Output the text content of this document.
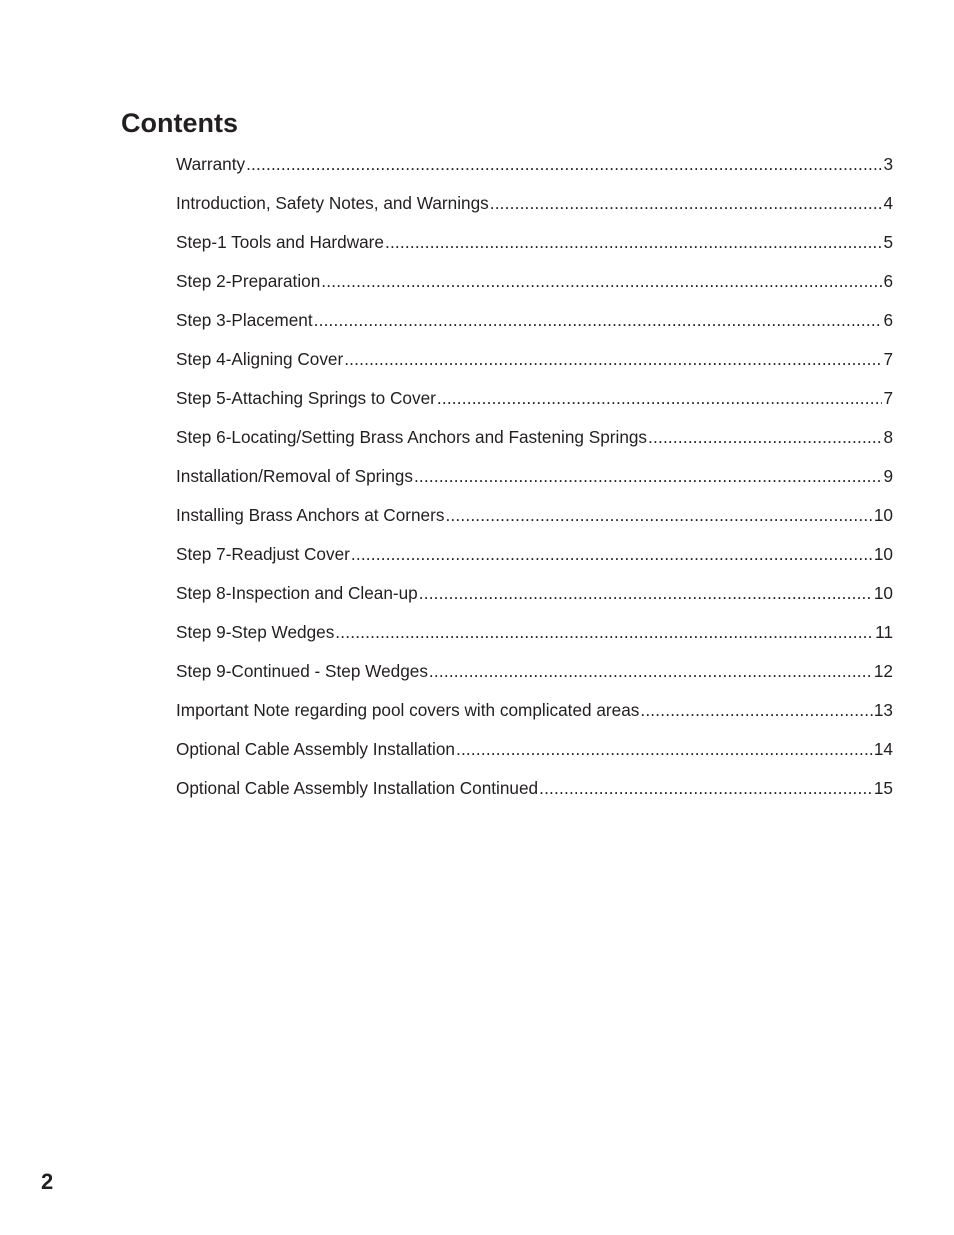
Contents
Warranty .....	3
Introduction, Safety Notes, and Warnings .....	4
Step-1 Tools and Hardware .....	5
Step 2-Preparation .....	6
Step 3-Placement .....	6
Step 4-Aligning Cover .....	7
Step 5-Attaching Springs to Cover .....	7
Step 6-Locating/Setting Brass Anchors and Fastening Springs .....	8
Installation/Removal of Springs .....	9
Installing Brass Anchors at Corners .....	10
Step 7-Readjust Cover .....	10
Step 8-Inspection and Clean-up .....	10
Step 9-Step Wedges .....	11
Step 9-Continued - Step Wedges .....	12
Important Note regarding pool covers with complicated areas .....	13
Optional Cable Assembly Installation .....	14
Optional Cable Assembly Installation Continued .....	15
2
